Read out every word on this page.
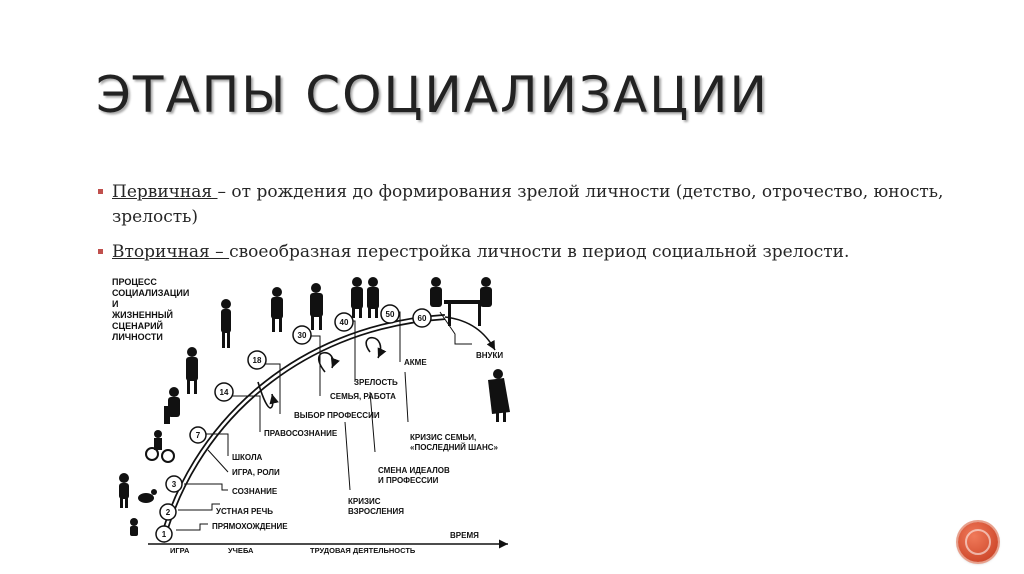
ЭТАПЫ СОЦИАЛИЗАЦИИ
Первичная – от рождения до формирования зрелой личности (детство, отрочество, юность, зрелость)
Вторичная – своеобразная перестройка личности в период социальной зрелости.
ПРОЦЕСС
СОЦИАЛИЗАЦИИ
И
ЖИЗНЕННЫЙ
СЦЕНАРИЙ
ЛИЧНОСТИ
1
2
3
7
14
18
30
40
50	60
ПРЯМОХОЖДЕНИЕ
УСТНАЯ РЕЧЬ
СОЗНАНИЕ
ИГРА, РОЛИ
ШКОЛА
ПРАВОСОЗНАНИЕ
ВЫБОР ПРОФЕССИИ
СЕМЬЯ, РАБОТА
ЗРЕЛОСТЬ
АКМЕ
ВНУКИ
КРИЗИС
ВЗРОСЛЕНИЯ
СМЕНА ИДЕАЛОВ
И ПРОФЕССИИ
КРИЗИС СЕМЬИ,
«ПОСЛЕДНИЙ ШАНС»
ВРЕМЯ
ИГРА	УЧЕБА	ТРУДОВАЯ ДЕЯТЕЛЬНОСТЬ
